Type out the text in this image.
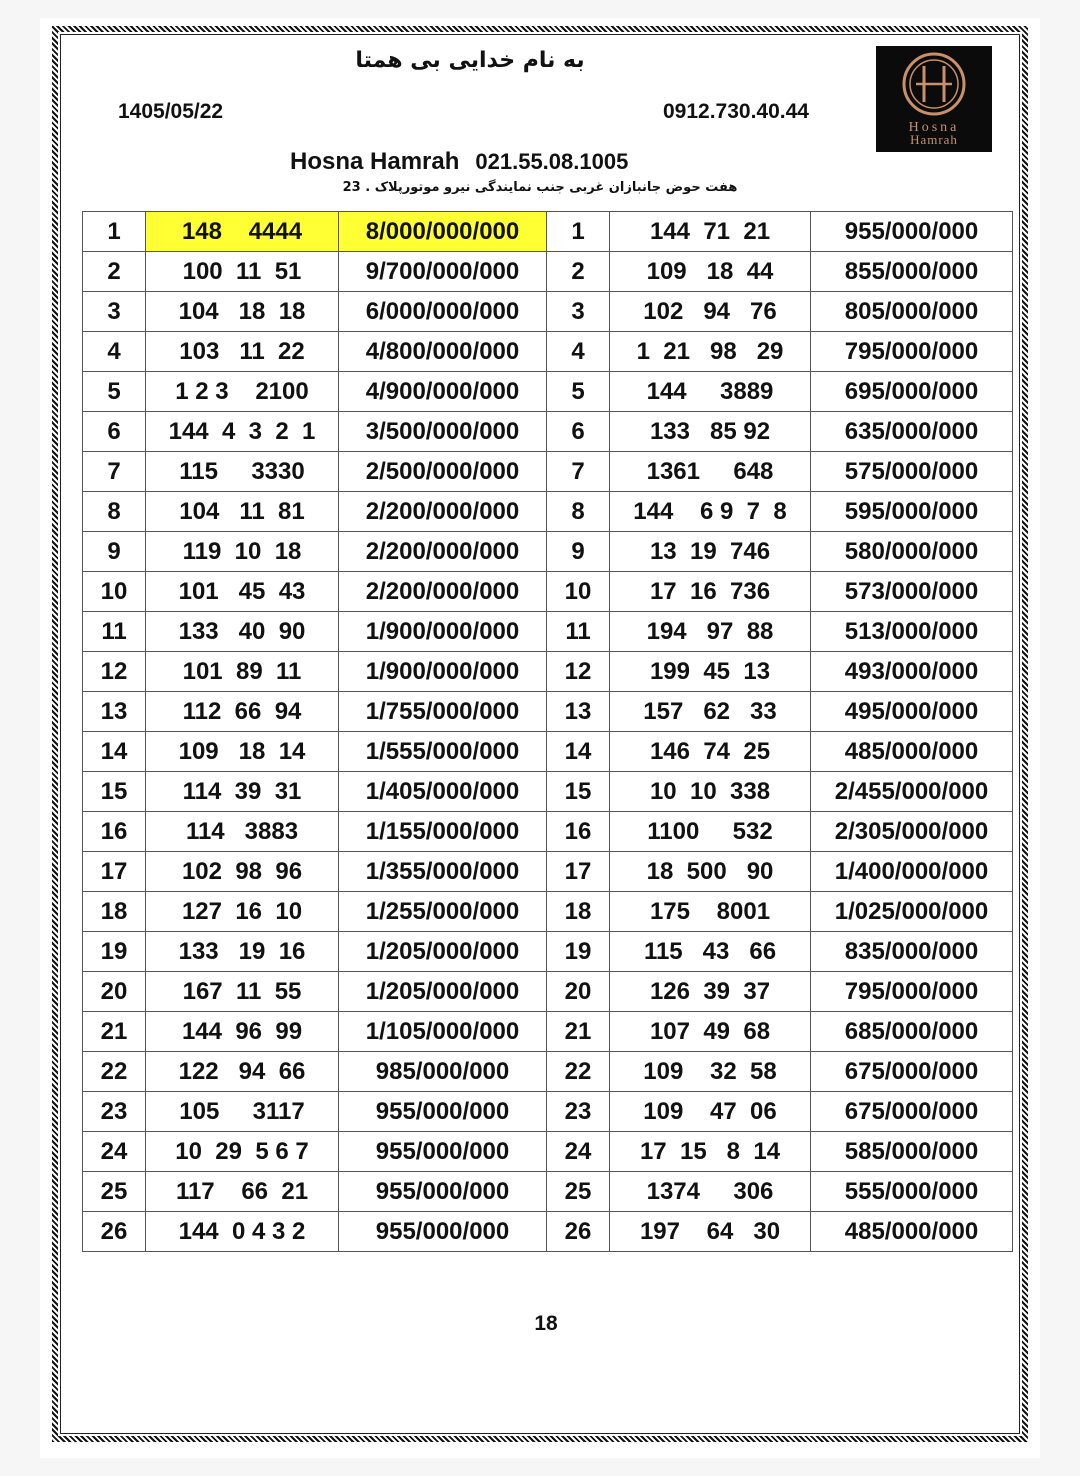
به نام خدایی بی همتا
1405/05/22	0912.730.40.44
Hosna
Hamrah
Hosna Hamrah 021.55.08.1005
هفت حوض جانبازان غربی جنب نمایندگی نیرو موتورپلاک . 23
1	148    4444	8/000/000/000	1	144  71  21	955/000/000
2	100  11  51	9/700/000/000	2	109   18  44	855/000/000
3	104   18  18	6/000/000/000	3	102   94   76	805/000/000
4	103   11  22	4/800/000/000	4	1  21   98   29	795/000/000
5	1 2 3    2100	4/900/000/000	5	144     3889	695/000/000
6	144  4  3  2  1	3/500/000/000	6	133   85 92	635/000/000
7	115     3330	2/500/000/000	7	1361     648	575/000/000
8	104   11  81	2/200/000/000	8	144    6 9  7  8	595/000/000
9	119  10  18	2/200/000/000	9	13  19  746	580/000/000
10	101   45  43	2/200/000/000	10	17  16  736	573/000/000
11	133   40  90	1/900/000/000	11	194   97  88	513/000/000
12	101  89  11	1/900/000/000	12	199  45  13	493/000/000
13	112  66  94	1/755/000/000	13	157   62   33	495/000/000
14	109   18  14	1/555/000/000	14	146  74  25	485/000/000
15	114  39  31	1/405/000/000	15	10  10  338	2/455/000/000
16	114   3883	1/155/000/000	16	1100     532	2/305/000/000
17	102  98  96	1/355/000/000	17	18  500   90	1/400/000/000
18	127  16  10	1/255/000/000	18	175    8001	1/025/000/000
19	133   19  16	1/205/000/000	19	115   43   66	835/000/000
20	167  11  55	1/205/000/000	20	126  39  37	795/000/000
21	144  96  99	1/105/000/000	21	107  49  68	685/000/000
22	122   94  66	985/000/000	22	109    32  58	675/000/000
23	105     3117	955/000/000	23	109    47  06	675/000/000
24	10  29  5 6 7	955/000/000	24	17  15   8  14	585/000/000
25	117    66  21	955/000/000	25	1374     306	555/000/000
26	144  0 4 3 2	955/000/000	26	197    64   30	485/000/000
18
